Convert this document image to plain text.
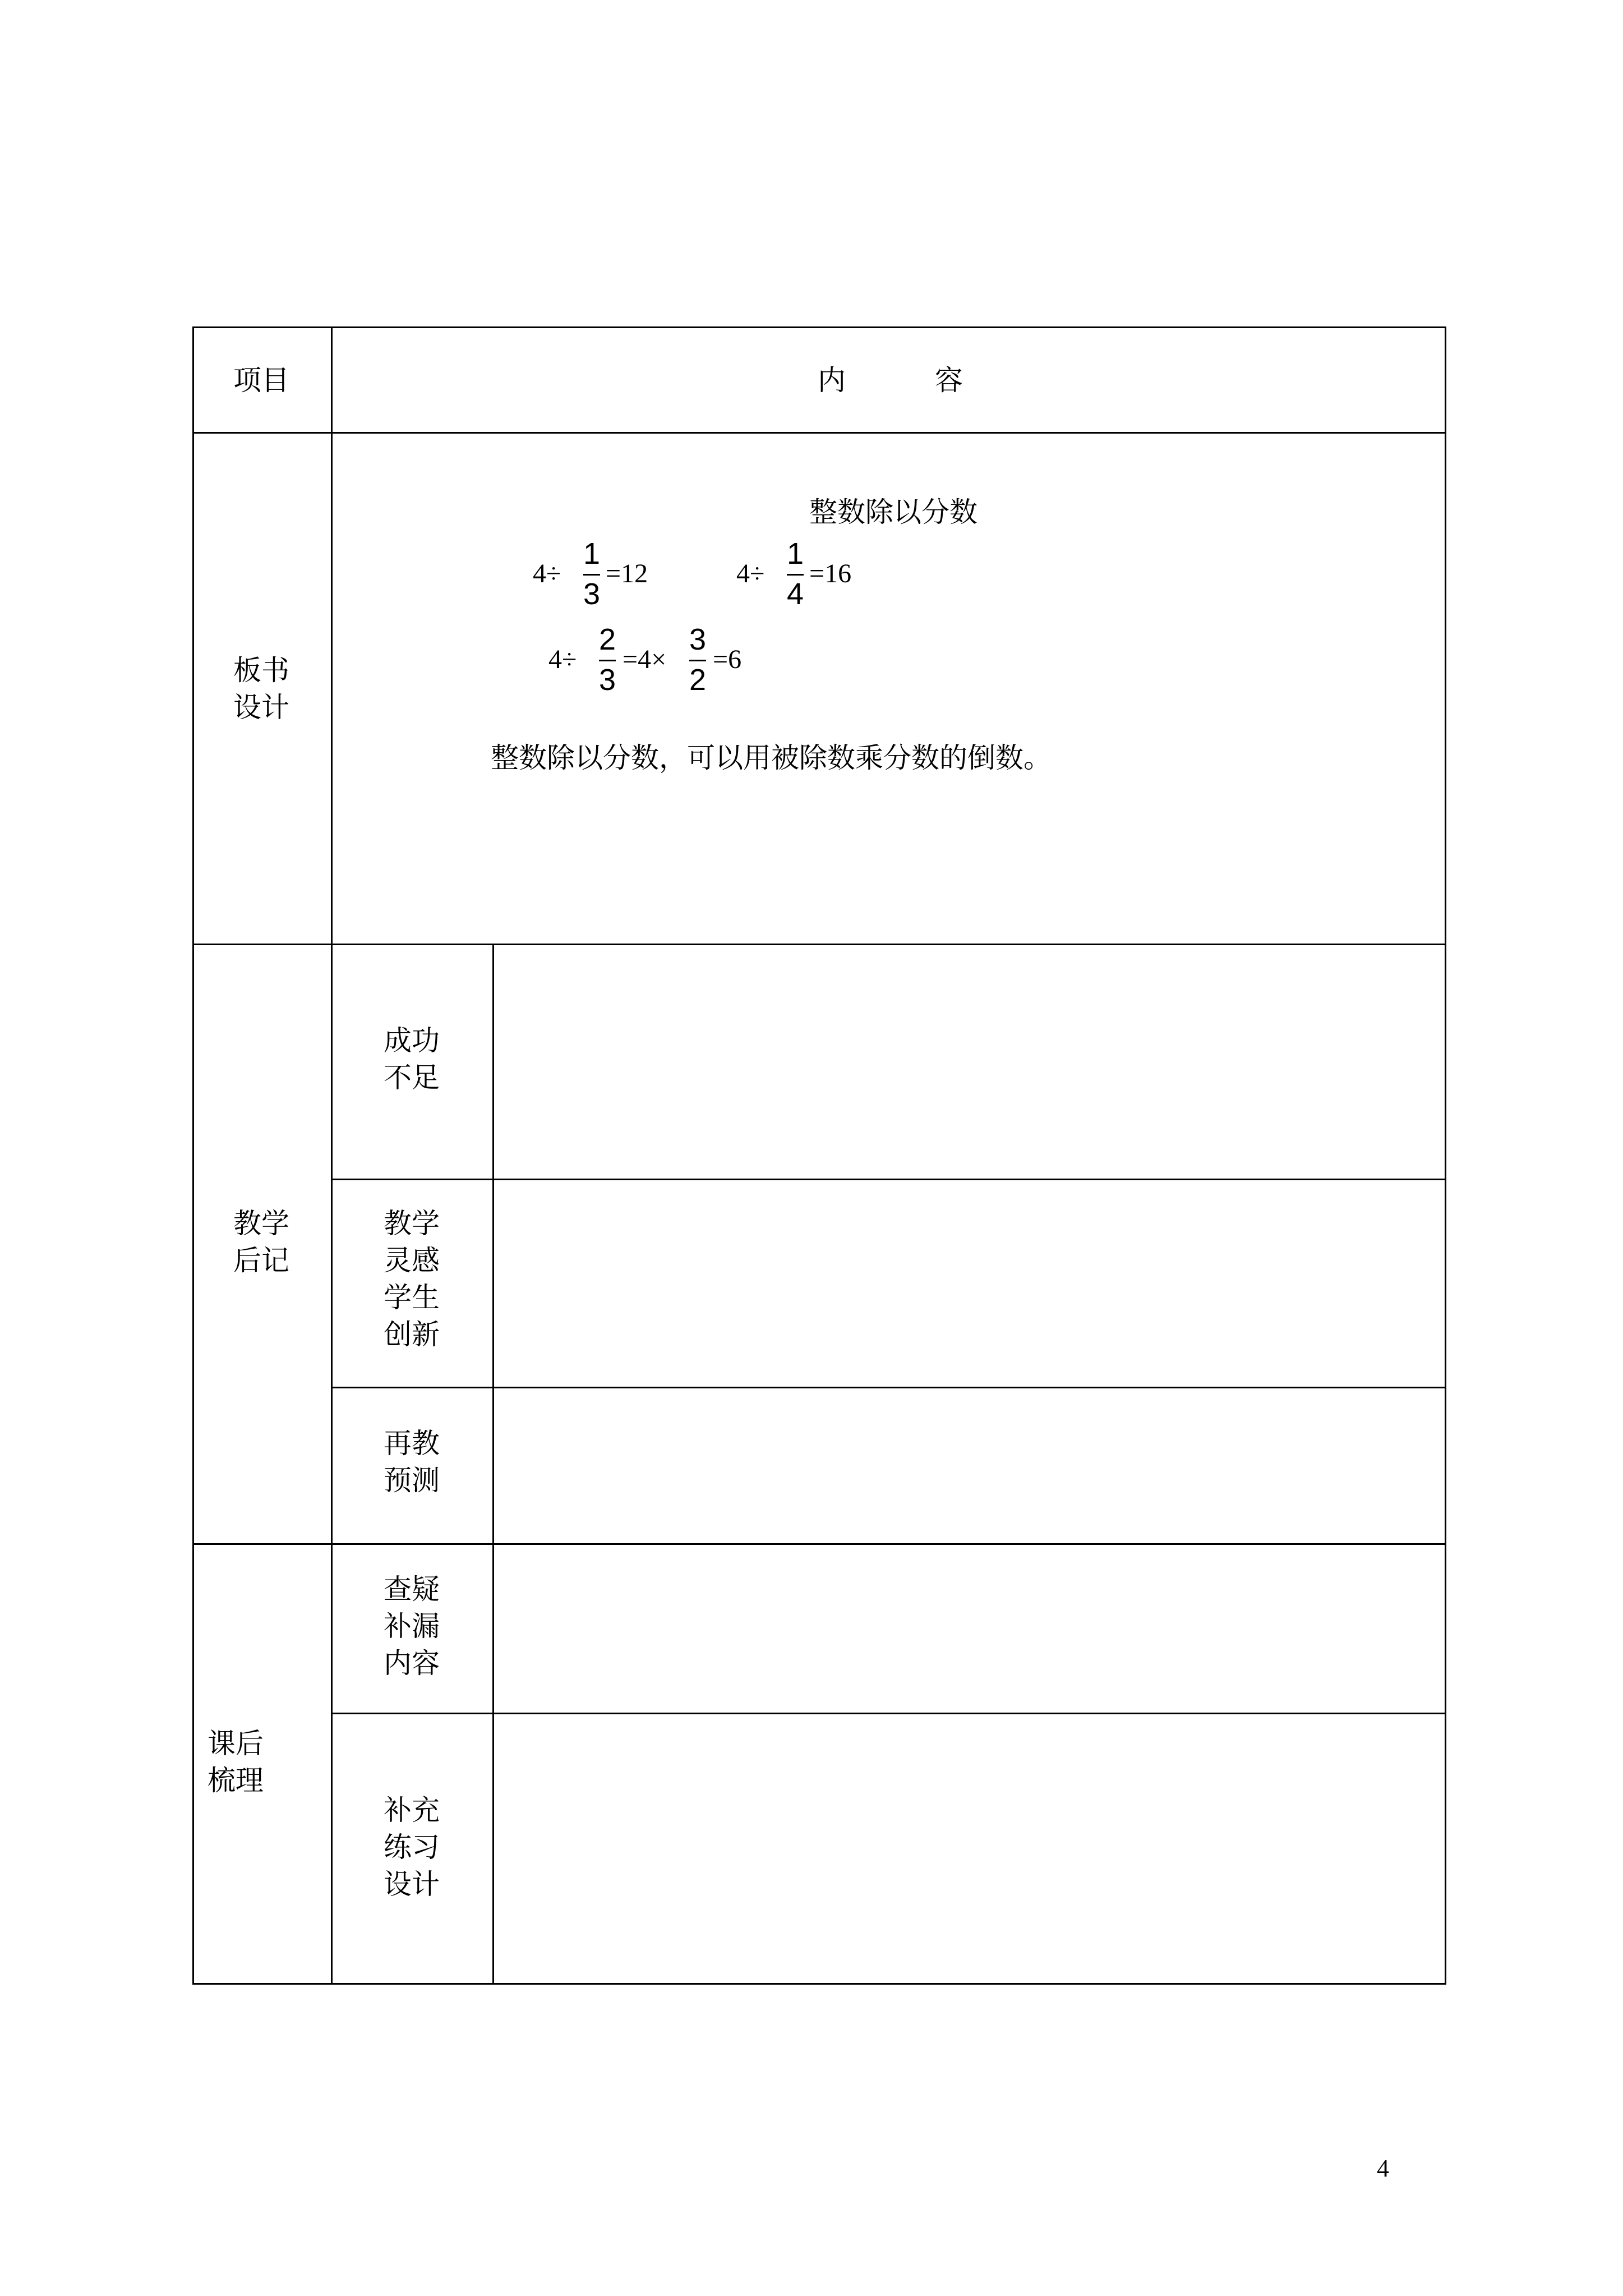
项目	内          容
板书
设计
整数除以分数
4÷
1
3
=12	4÷
1
4
=16
4÷
2
3
=4×
3
2
=6
整数除以分数，可以用被除数乘分数的倒数。
教学
后记
成功
不足
教学
灵感
学生
创新
再教
预测
课后
梳理
查疑
补漏
内容
补充
练习
设计
4
